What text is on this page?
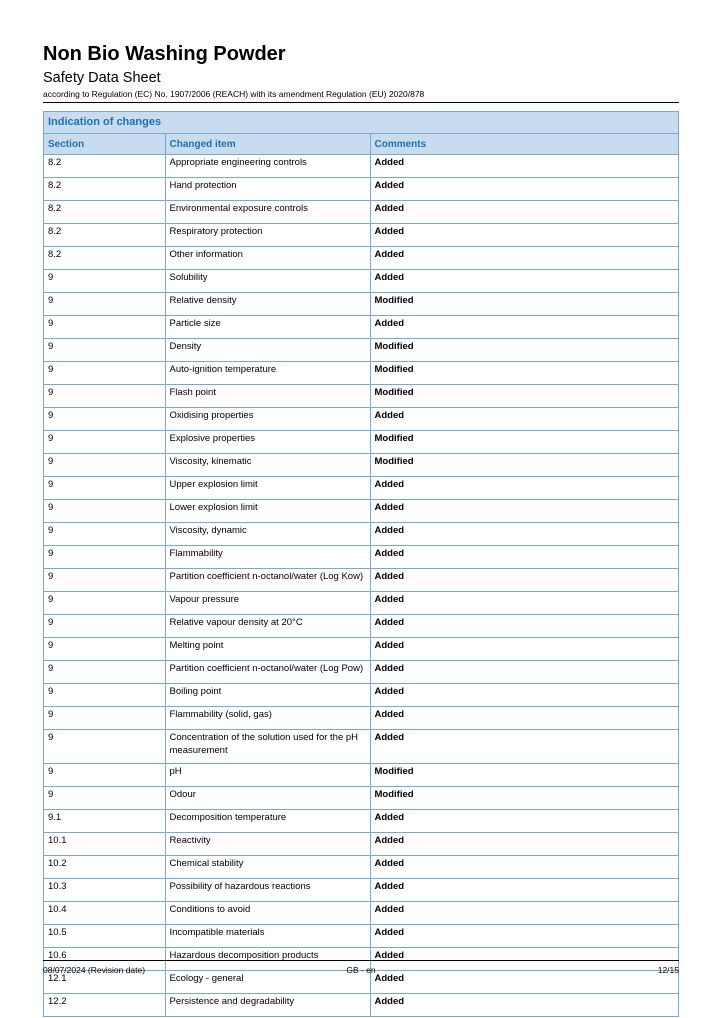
Non Bio Washing Powder
Safety Data Sheet
according to Regulation (EC) No. 1907/2006 (REACH) with its amendment Regulation (EU) 2020/878
Indication of changes
Section	Changed item	Comments
8.2	Appropriate engineering controls	Added
8.2	Hand protection	Added
8.2	Environmental exposure controls	Added
8.2	Respiratory protection	Added
8.2	Other information	Added
9	Solubility	Added
9	Relative density	Modified
9	Particle size	Added
9	Density	Modified
9	Auto-ignition temperature	Modified
9	Flash point	Modified
9	Oxidising properties	Added
9	Explosive properties	Modified
9	Viscosity, kinematic	Modified
9	Upper explosion limit	Added
9	Lower explosion limit	Added
9	Viscosity, dynamic	Added
9	Flammability	Added
9	Partition coefficient n-octanol/water (Log Kow)	Added
9	Vapour pressure	Added
9	Relative vapour density at 20°C	Added
9	Melting point	Added
9	Partition coefficient n-octanol/water (Log Pow)	Added
9	Boiling point	Added
9	Flammability (solid, gas)	Added
9	Concentration of the solution used for the pH measurement	Added
9	pH	Modified
9	Odour	Modified
9.1	Decomposition temperature	Added
10.1	Reactivity	Added
10.2	Chemical stability	Added
10.3	Possibility of hazardous reactions	Added
10.4	Conditions to avoid	Added
10.5	Incompatible materials	Added
10.6	Hazardous decomposition products	Added
12.1	Ecology - general	Added
12.2	Persistence and degradability	Added
08/07/2024 (Revision date)	GB - en	12/15
